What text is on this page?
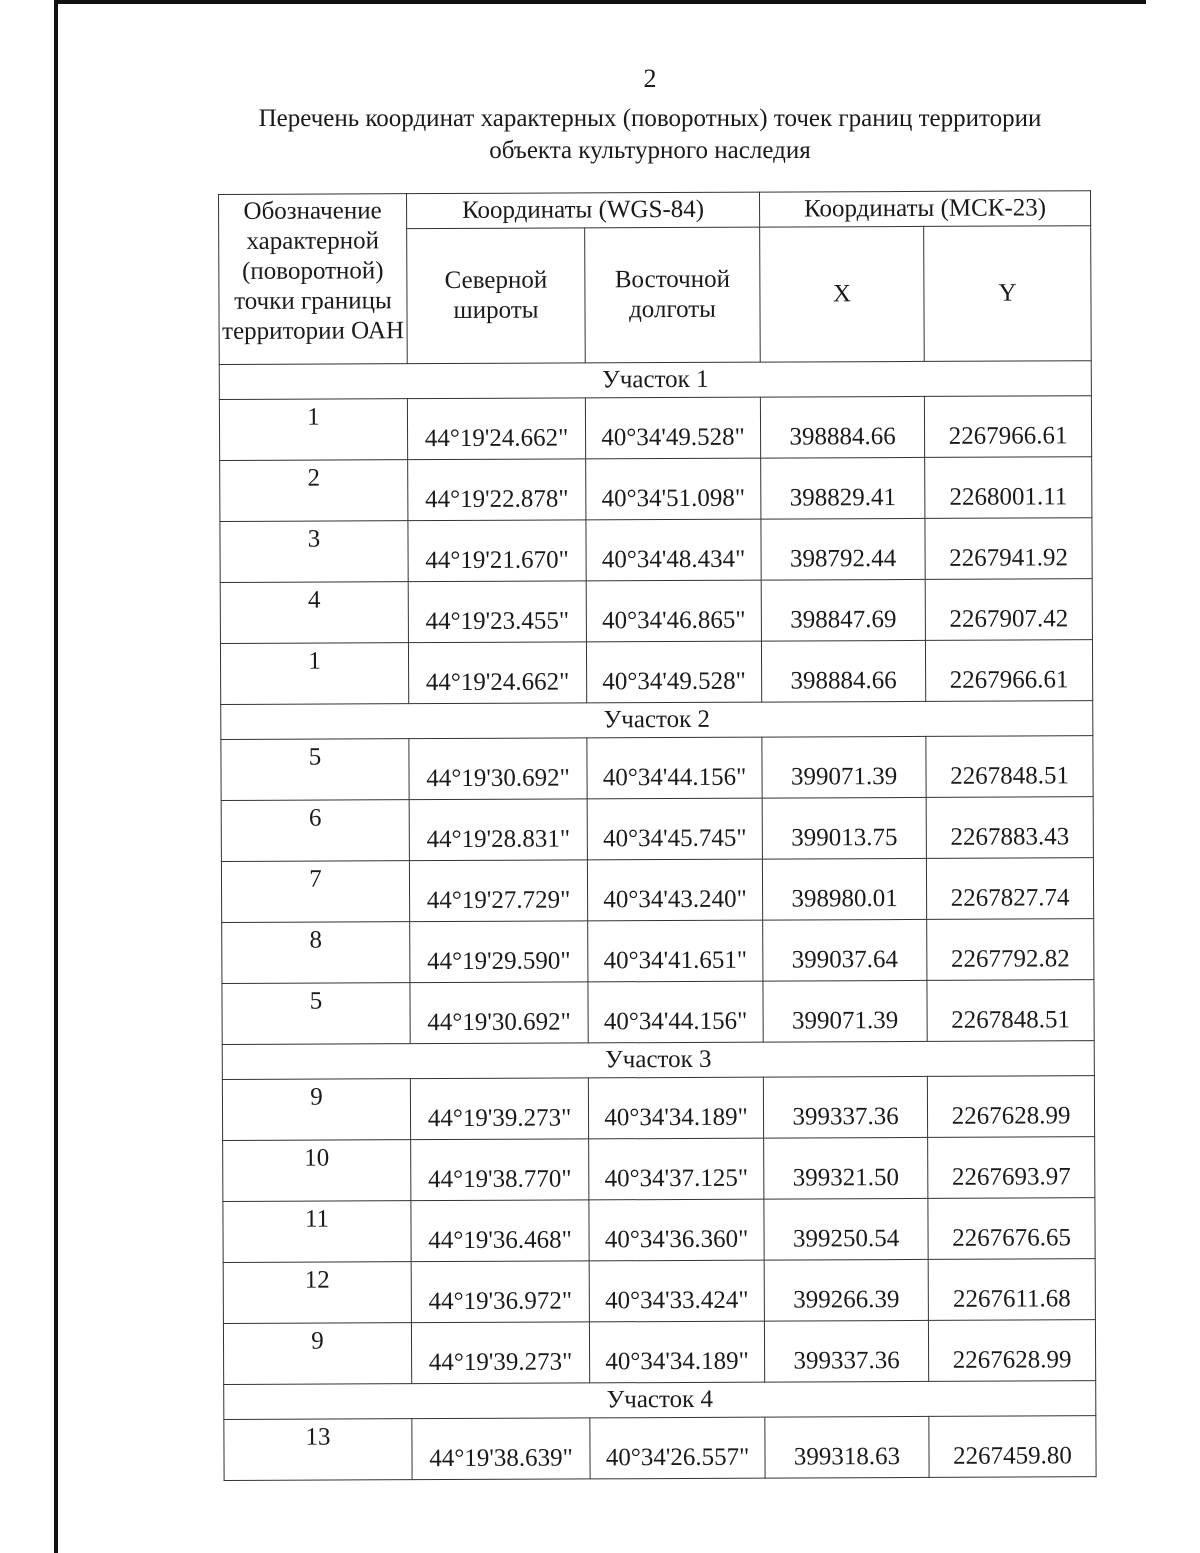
2
Перечень координат характерных (поворотных) точек границ территории
объекта культурного наследия
Обозначение характерной (поворотной) точки границы территории ОАН	Координаты (WGS-84)		Координаты (МСК-23)	
	Северной широты	Восточной долготы	X	Y
Участок 1				
1	44°19'24.662"	40°34'49.528"	398884.66	2267966.61
2	44°19'22.878"	40°34'51.098"	398829.41	2268001.11
3	44°19'21.670"	40°34'48.434"	398792.44	2267941.92
4	44°19'23.455"	40°34'46.865"	398847.69	2267907.42
1	44°19'24.662"	40°34'49.528"	398884.66	2267966.61
Участок 2				
5	44°19'30.692"	40°34'44.156"	399071.39	2267848.51
6	44°19'28.831"	40°34'45.745"	399013.75	2267883.43
7	44°19'27.729"	40°34'43.240"	398980.01	2267827.74
8	44°19'29.590"	40°34'41.651"	399037.64	2267792.82
5	44°19'30.692"	40°34'44.156"	399071.39	2267848.51
Участок 3				
9	44°19'39.273"	40°34'34.189"	399337.36	2267628.99
10	44°19'38.770"	40°34'37.125"	399321.50	2267693.97
11	44°19'36.468"	40°34'36.360"	399250.54	2267676.65
12	44°19'36.972"	40°34'33.424"	399266.39	2267611.68
9	44°19'39.273"	40°34'34.189"	399337.36	2267628.99
Участок 4				
13	44°19'38.639"	40°34'26.557"	399318.63	2267459.80
